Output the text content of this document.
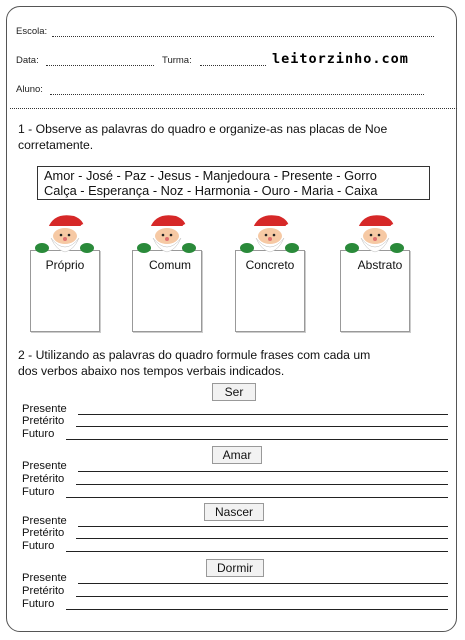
Escola:
Data:	Turma:	leitorzinho.com
Aluno:
1 - Observe as palavras do quadro e organize-as nas placas de Noe
corretamente.
Amor - José - Paz - Jesus - Manjedoura - Presente - Gorro
Calça - Esperança - Noz - Harmonia - Ouro - Maria - Caixa
Próprio	Comum	Concreto	Abstrato
2 - Utilizando as palavras do quadro formule frases com cada um
dos verbos abaixo nos tempos verbais indicados.
Ser
Presente
Pretérito
Futuro
Amar
Presente
Pretérito
Futuro
Nascer
Presente
Pretérito
Futuro
Dormir
Presente
Pretérito
Futuro
